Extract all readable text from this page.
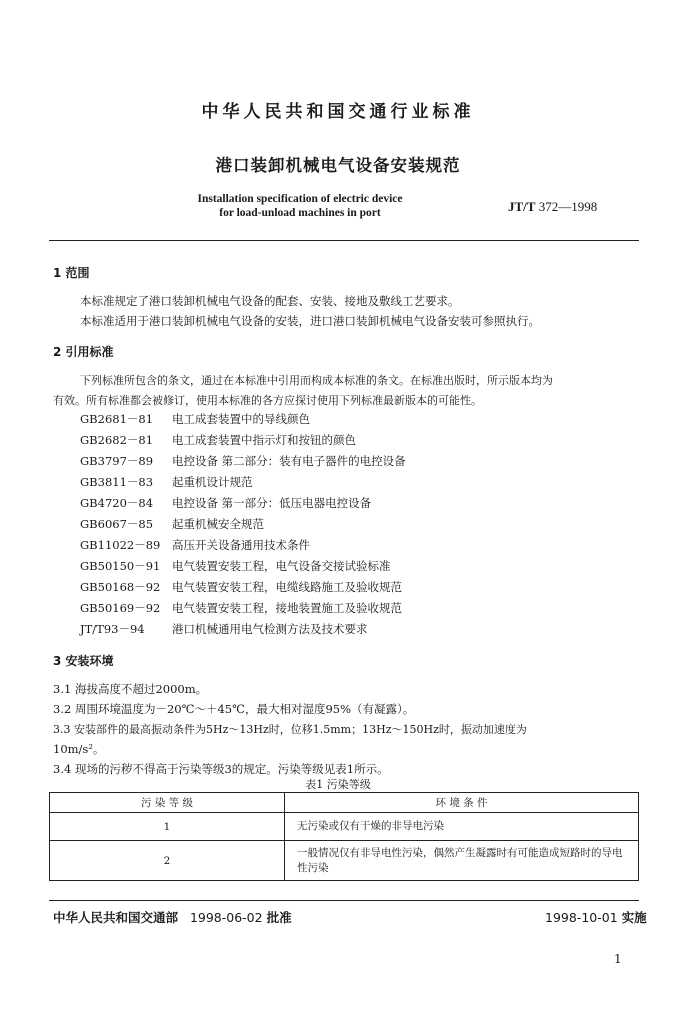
中华人民共和国交通行业标准
港口装卸机械电气设备安装规范
Installation specification of electric device
for load-unload machines in port	JT/T 372—1998
1 范围
本标准规定了港口装卸机械电气设备的配套、安装、接地及敷线工艺要求。
本标准适用于港口装卸机械电气设备的安装，进口港口装卸机械电气设备安装可参照执行。
2 引用标准
下列标准所包含的条文，通过在本标准中引用而构成本标准的条文。在标准出版时，所示版本均为
有效。所有标准都会被修订，使用本标准的各方应探讨使用下列标准最新版本的可能性。
GB2681－81 电工成套装置中的导线颜色
GB2682－81 电工成套装置中指示灯和按钮的颜色
GB3797－89 电控设备 第二部分：装有电子器件的电控设备
GB3811－83 起重机设计规范
GB4720－84 电控设备 第一部分：低压电器电控设备
GB6067－85 起重机械安全规范
GB11022－89 高压开关设备通用技术条件
GB50150－91 电气装置安装工程，电气设备交接试验标准
GB50168－92 电气装置安装工程，电缆线路施工及验收规范
GB50169－92 电气装置安装工程，接地装置施工及验收规范
JT/T93－94 港口机械通用电气检测方法及技术要求
3 安装环境
3.1 海拔高度不超过2000m。
3.2 周围环境温度为－20℃～＋45℃，最大相对湿度95%（有凝露）。
3.3 安装部件的最高振动条件为5Hz～13Hz时，位移1.5mm；13Hz～150Hz时，振动加速度为
10m/s²。
3.4 现场的污秽不得高于污染等级3的规定。污染等级见表1所示。
表1 污染等级
污 染 等 级	环 境 条 件
1	无污染或仅有干燥的非导电污染
2	一般情况仅有非导电性污染，偶然产生凝露时有可能造成短路时的导电性污染
中华人民共和国交通部 1998-06-02 批准	1998-10-01 实施
1
